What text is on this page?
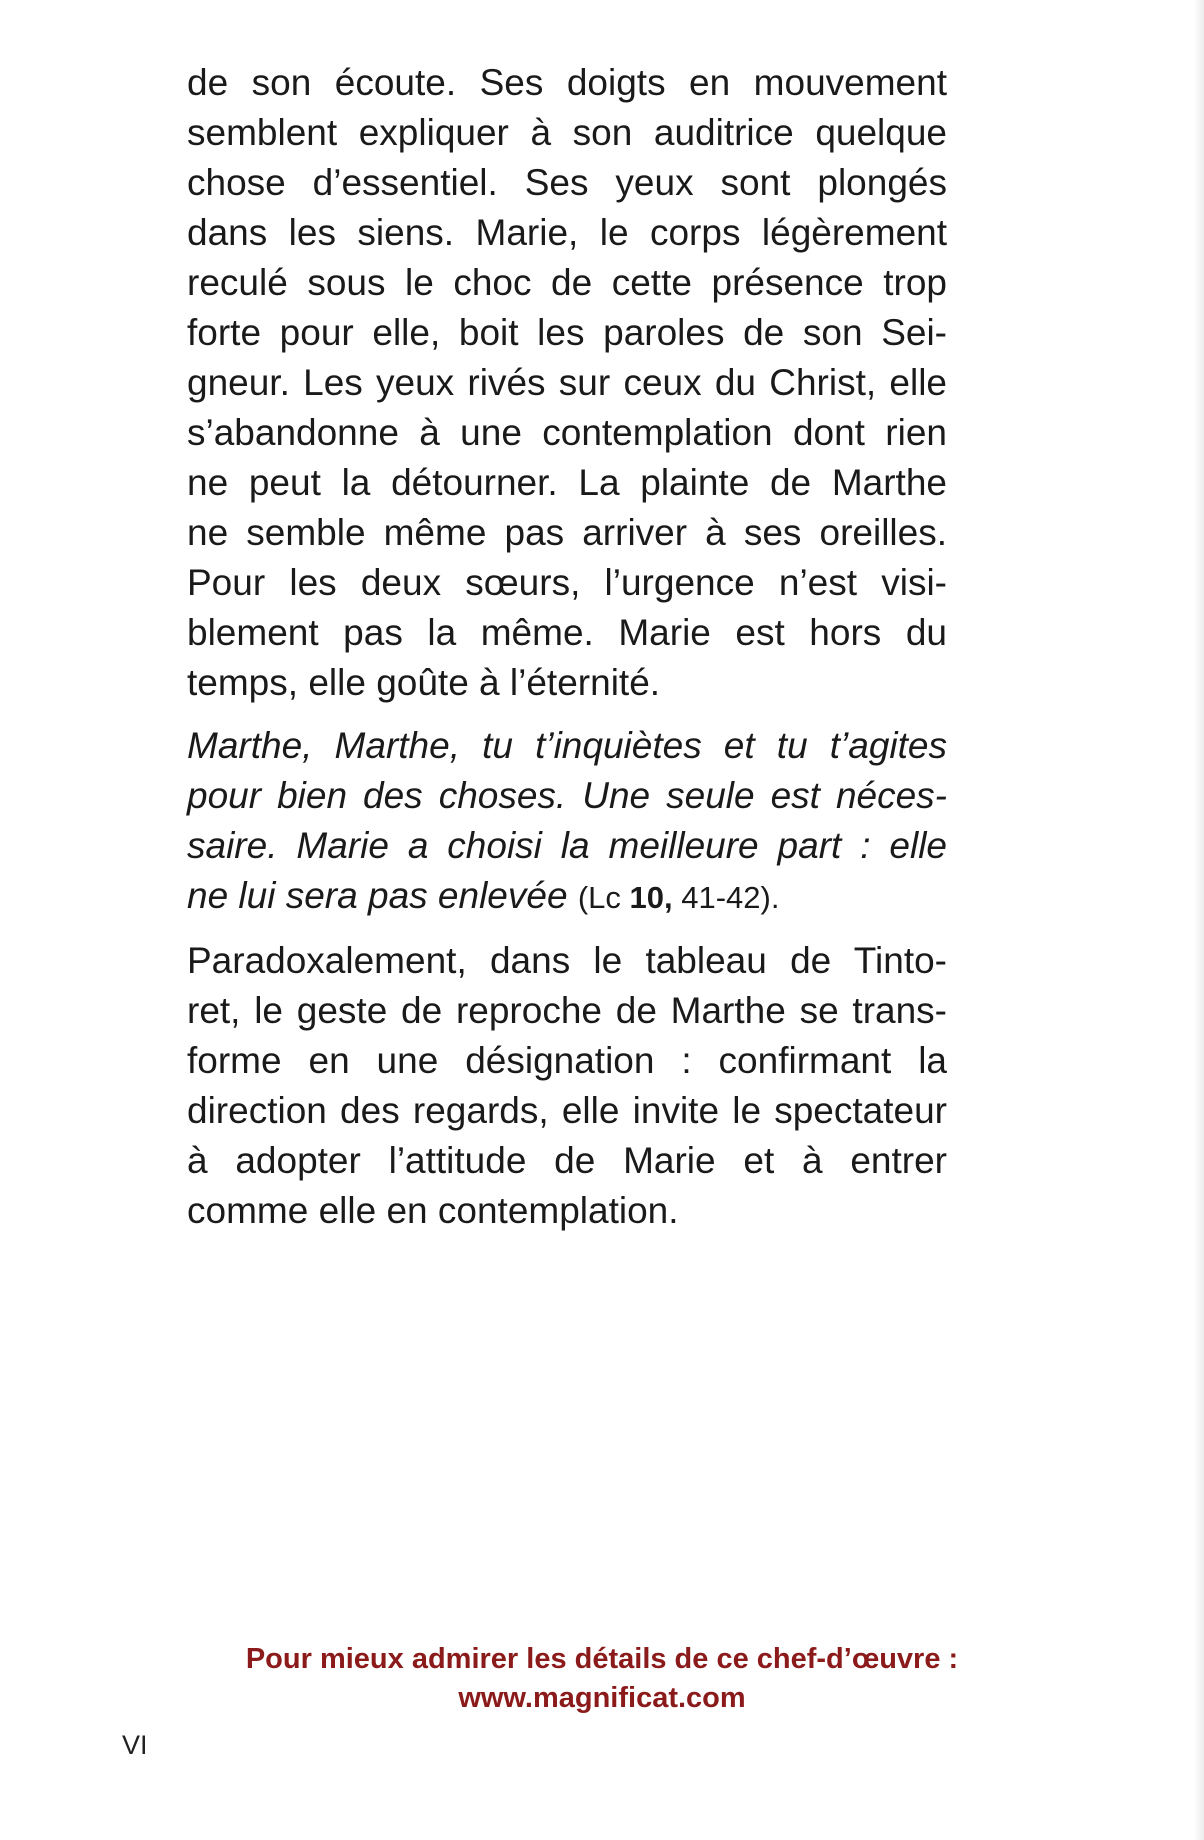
de son écoute. Ses doigts en mouvement
semblent expliquer à son auditrice quelque
chose d’essentiel. Ses yeux sont plongés
dans les siens. Marie, le corps légèrement
reculé sous le choc de cette présence trop
forte pour elle, boit les paroles de son Sei-
gneur. Les yeux rivés sur ceux du Christ, elle
s’abandonne à une contemplation dont rien
ne peut la détourner. La plainte de Marthe
ne semble même pas arriver à ses oreilles.
Pour les deux sœurs, l’urgence n’est visi-
blement pas la même. Marie est hors du
temps, elle goûte à l’éternité.

Marthe, Marthe, tu t’inquiètes et tu t’agites
pour bien des choses. Une seule est néces-
saire. Marie a choisi la meilleure part : elle
ne lui sera pas enlevée (Lc 10, 41-42).

Paradoxalement, dans le tableau de Tinto-
ret, le geste de reproche de Marthe se trans-
forme en une désignation : confirmant la
direction des regards, elle invite le spectateur
à adopter l’attitude de Marie et à entrer
comme elle en contemplation.

Pour mieux admirer les détails de ce chef-d’œuvre :
www.magnificat.com
VI
